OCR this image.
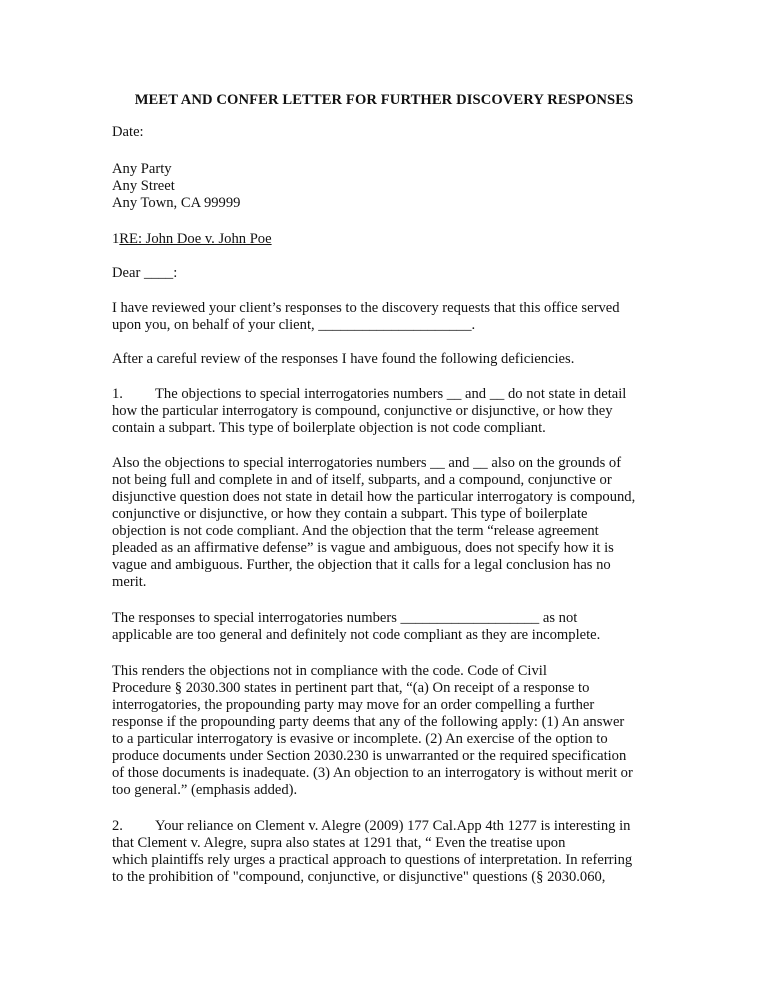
MEET AND CONFER LETTER FOR FURTHER DISCOVERY RESPONSES
Date:
Any Party
Any Street
Any Town, CA 99999
1RE: John Doe v. John Poe
Dear ____:
I have reviewed your client’s responses to the discovery requests that this office served
upon you, on behalf of your client, _____________________.
After a careful review of the responses I have found the following deficiencies.
1. The objections to special interrogatories numbers __ and __ do not state in detail
how the particular interrogatory is compound, conjunctive or disjunctive, or how they
contain a subpart. This type of boilerplate objection is not code compliant.
Also the objections to special interrogatories numbers __ and __ also on the grounds of
not being full and complete in and of itself, subparts, and a compound, conjunctive or
disjunctive question does not state in detail how the particular interrogatory is compound,
conjunctive or disjunctive, or how they contain a subpart. This type of boilerplate
objection is not code compliant. And the objection that the term “release agreement
pleaded as an affirmative defense” is vague and ambiguous, does not specify how it is
vague and ambiguous. Further, the objection that it calls for a legal conclusion has no
merit.
The responses to special interrogatories numbers ___________________ as not
applicable are too general and definitely not code compliant as they are incomplete.
This renders the objections not in compliance with the code. Code of Civil
Procedure § 2030.300 states in pertinent part that, “(a) On receipt of a response to
interrogatories, the propounding party may move for an order compelling a further
response if the propounding party deems that any of the following apply: (1) An answer
to a particular interrogatory is evasive or incomplete. (2) An exercise of the option to
produce documents under Section 2030.230 is unwarranted or the required specification
of those documents is inadequate. (3) An objection to an interrogatory is without merit or
too general.” (emphasis added).
2. Your reliance on Clement v. Alegre (2009) 177 Cal.App 4th 1277 is interesting in
that Clement v. Alegre, supra also states at 1291 that, “ Even the treatise upon
which plaintiffs rely urges a practical approach to questions of interpretation. In referring
to the prohibition of "compound, conjunctive, or disjunctive" questions (§ 2030.060,
